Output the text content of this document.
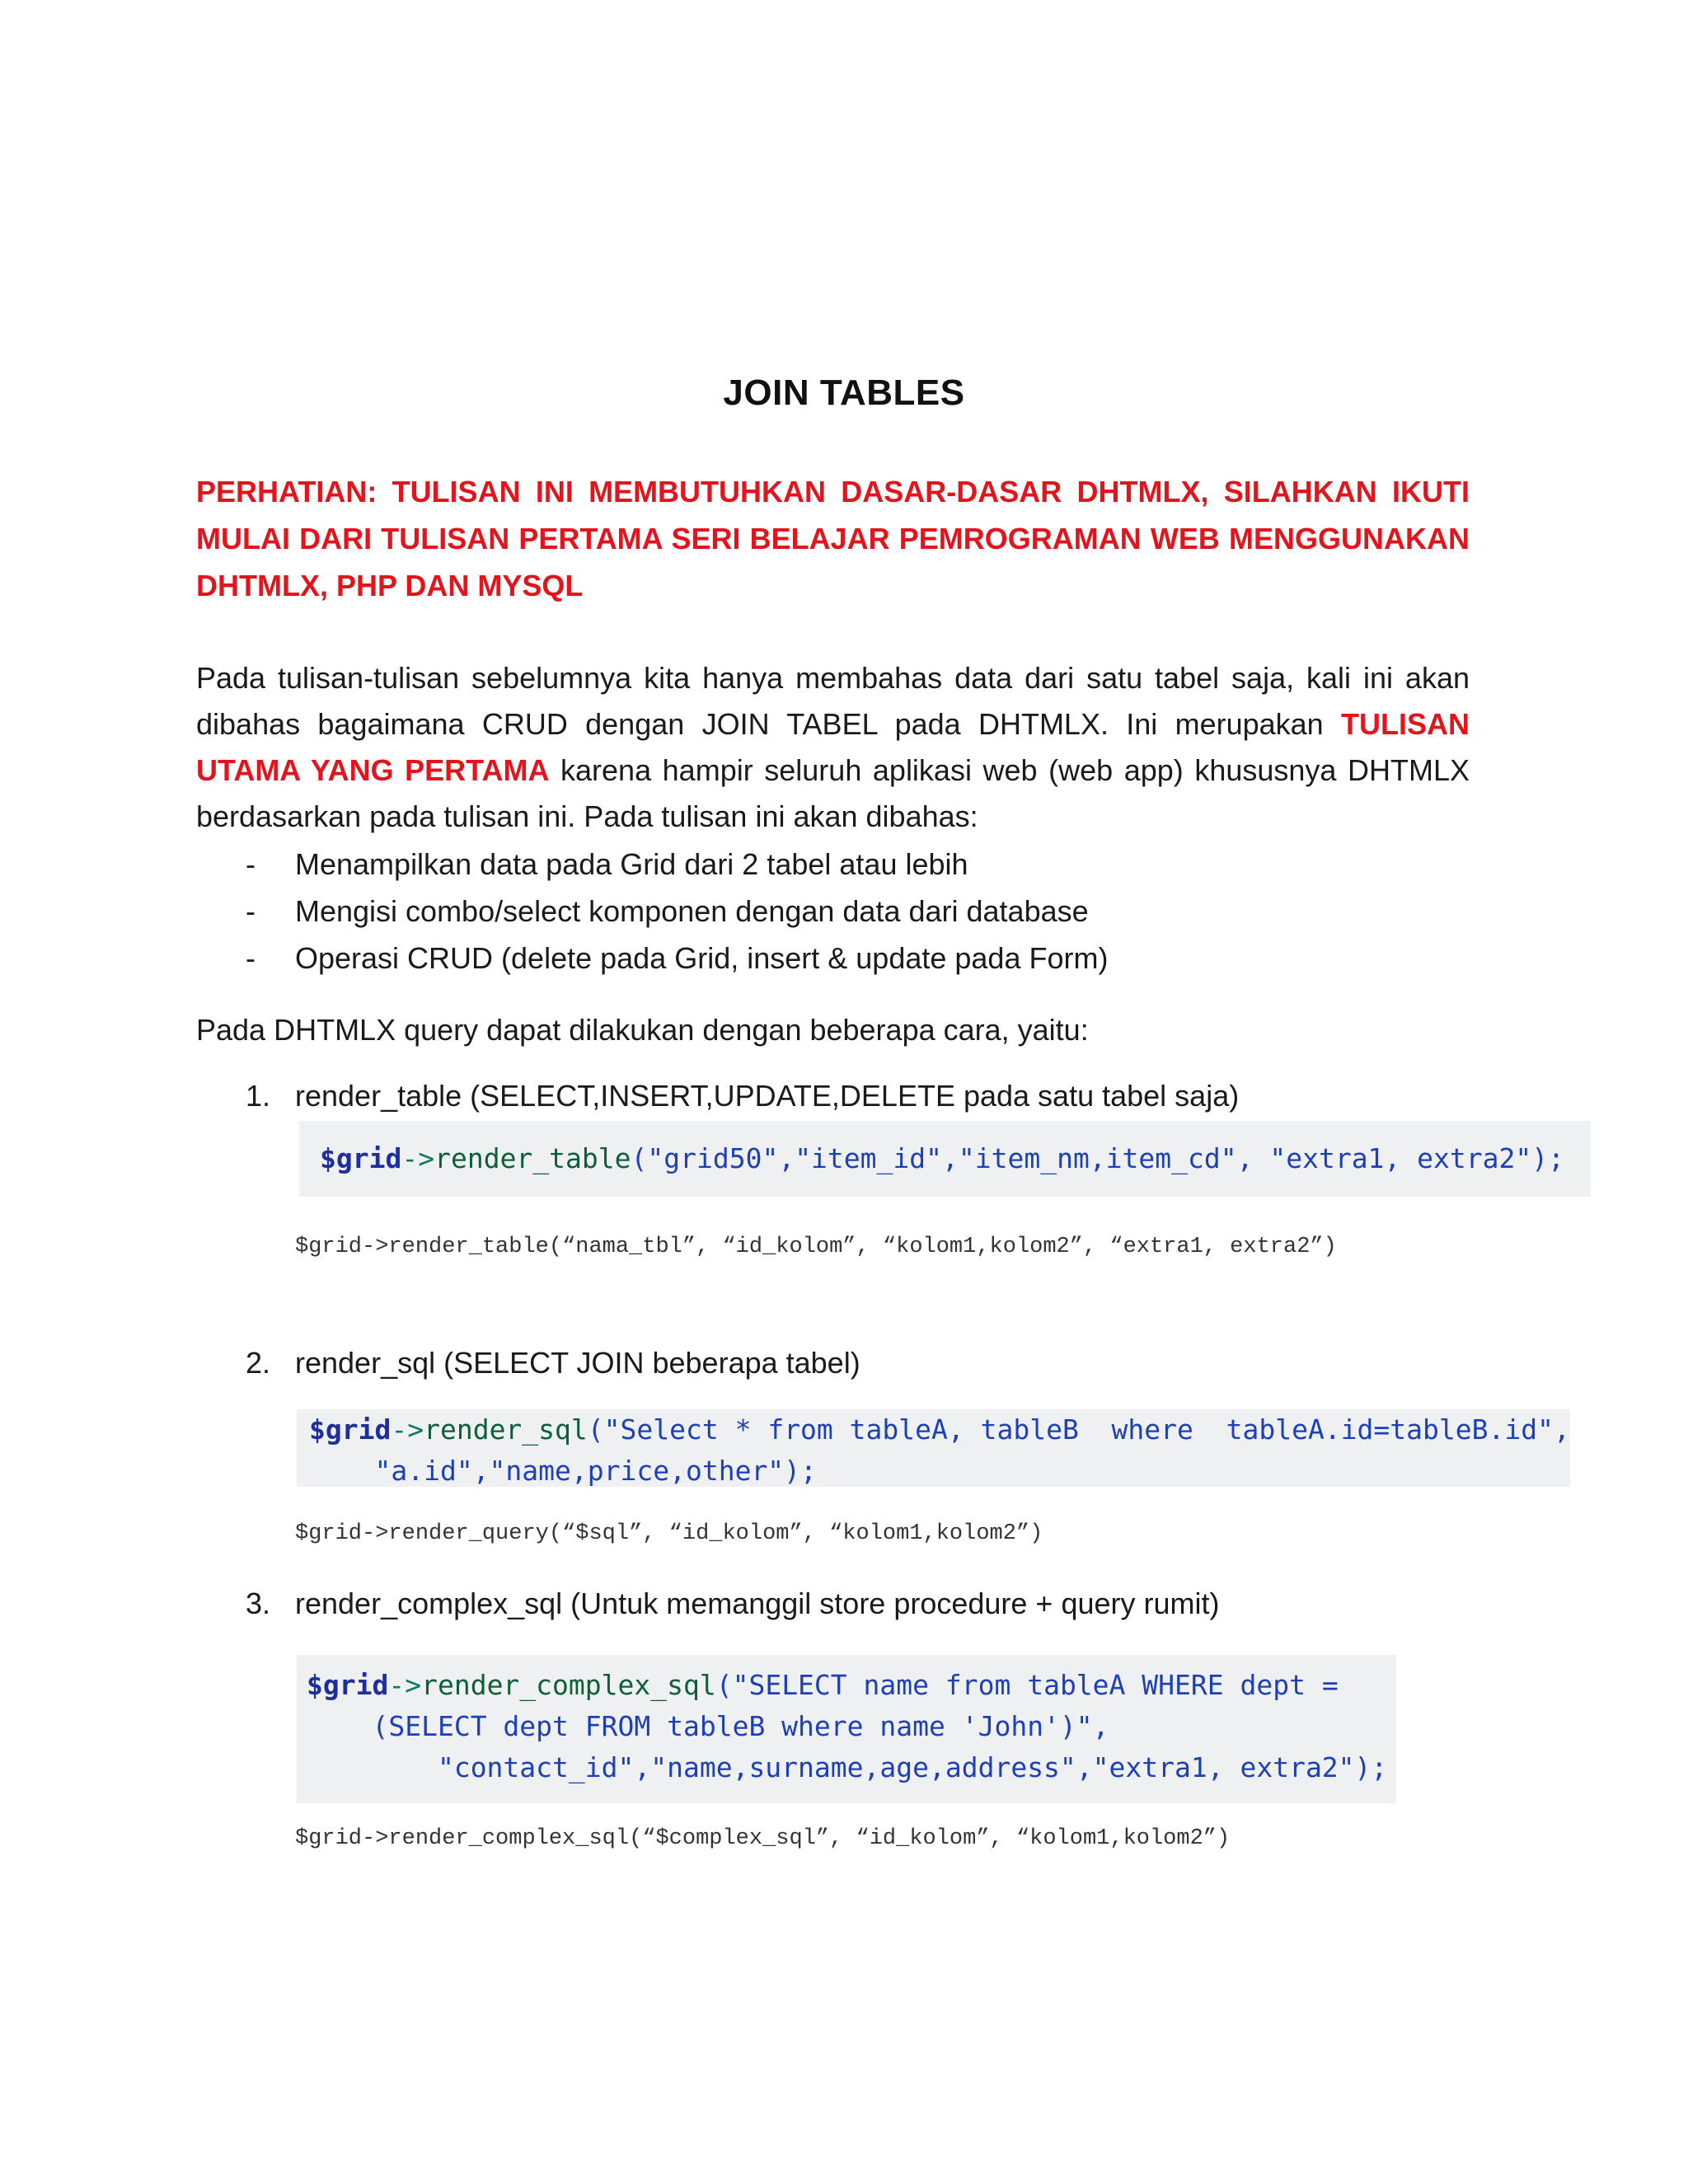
JOIN TABLES
PERHATIAN: TULISAN INI MEMBUTUHKAN DASAR-DASAR DHTMLX, SILAHKAN IKUTI MULAI DARI TULISAN PERTAMA SERI BELAJAR PEMROGRAMAN WEB MENGGUNAKAN DHTMLX, PHP DAN MYSQL
Pada tulisan-tulisan sebelumnya kita hanya membahas data dari satu tabel saja, kali ini akan dibahas bagaimana CRUD dengan JOIN TABEL pada DHTMLX. Ini merupakan TULISAN UTAMA YANG PERTAMA karena hampir seluruh aplikasi web (web app) khususnya DHTMLX berdasarkan pada tulisan ini. Pada tulisan ini akan dibahas:
- Menampilkan data pada Grid dari 2 tabel atau lebih
- Mengisi combo/select komponen dengan data dari database
- Operasi CRUD (delete pada Grid, insert & update pada Form)
Pada DHTMLX query dapat dilakukan dengan beberapa cara, yaitu:
1. render_table (SELECT,INSERT,UPDATE,DELETE pada satu tabel saja)
$grid->render_table("grid50","item_id","item_nm,item_cd", "extra1, extra2");
$grid->render_table(“nama_tbl”, “id_kolom”, “kolom1,kolom2”, “extra1, extra2”)
2. render_sql (SELECT JOIN beberapa tabel)
$grid->render_sql("Select * from tableA, tableB  where  tableA.id=tableB.id",
"a.id","name,price,other");
$grid->render_query(“$sql”, “id_kolom”, “kolom1,kolom2”)
3. render_complex_sql (Untuk memanggil store procedure + query rumit)
$grid->render_complex_sql("SELECT name from tableA WHERE dept =
(SELECT dept FROM tableB where name 'John')",
"contact_id","name,surname,age,address","extra1, extra2");
$grid->render_complex_sql(“$complex_sql”, “id_kolom”, “kolom1,kolom2”)
